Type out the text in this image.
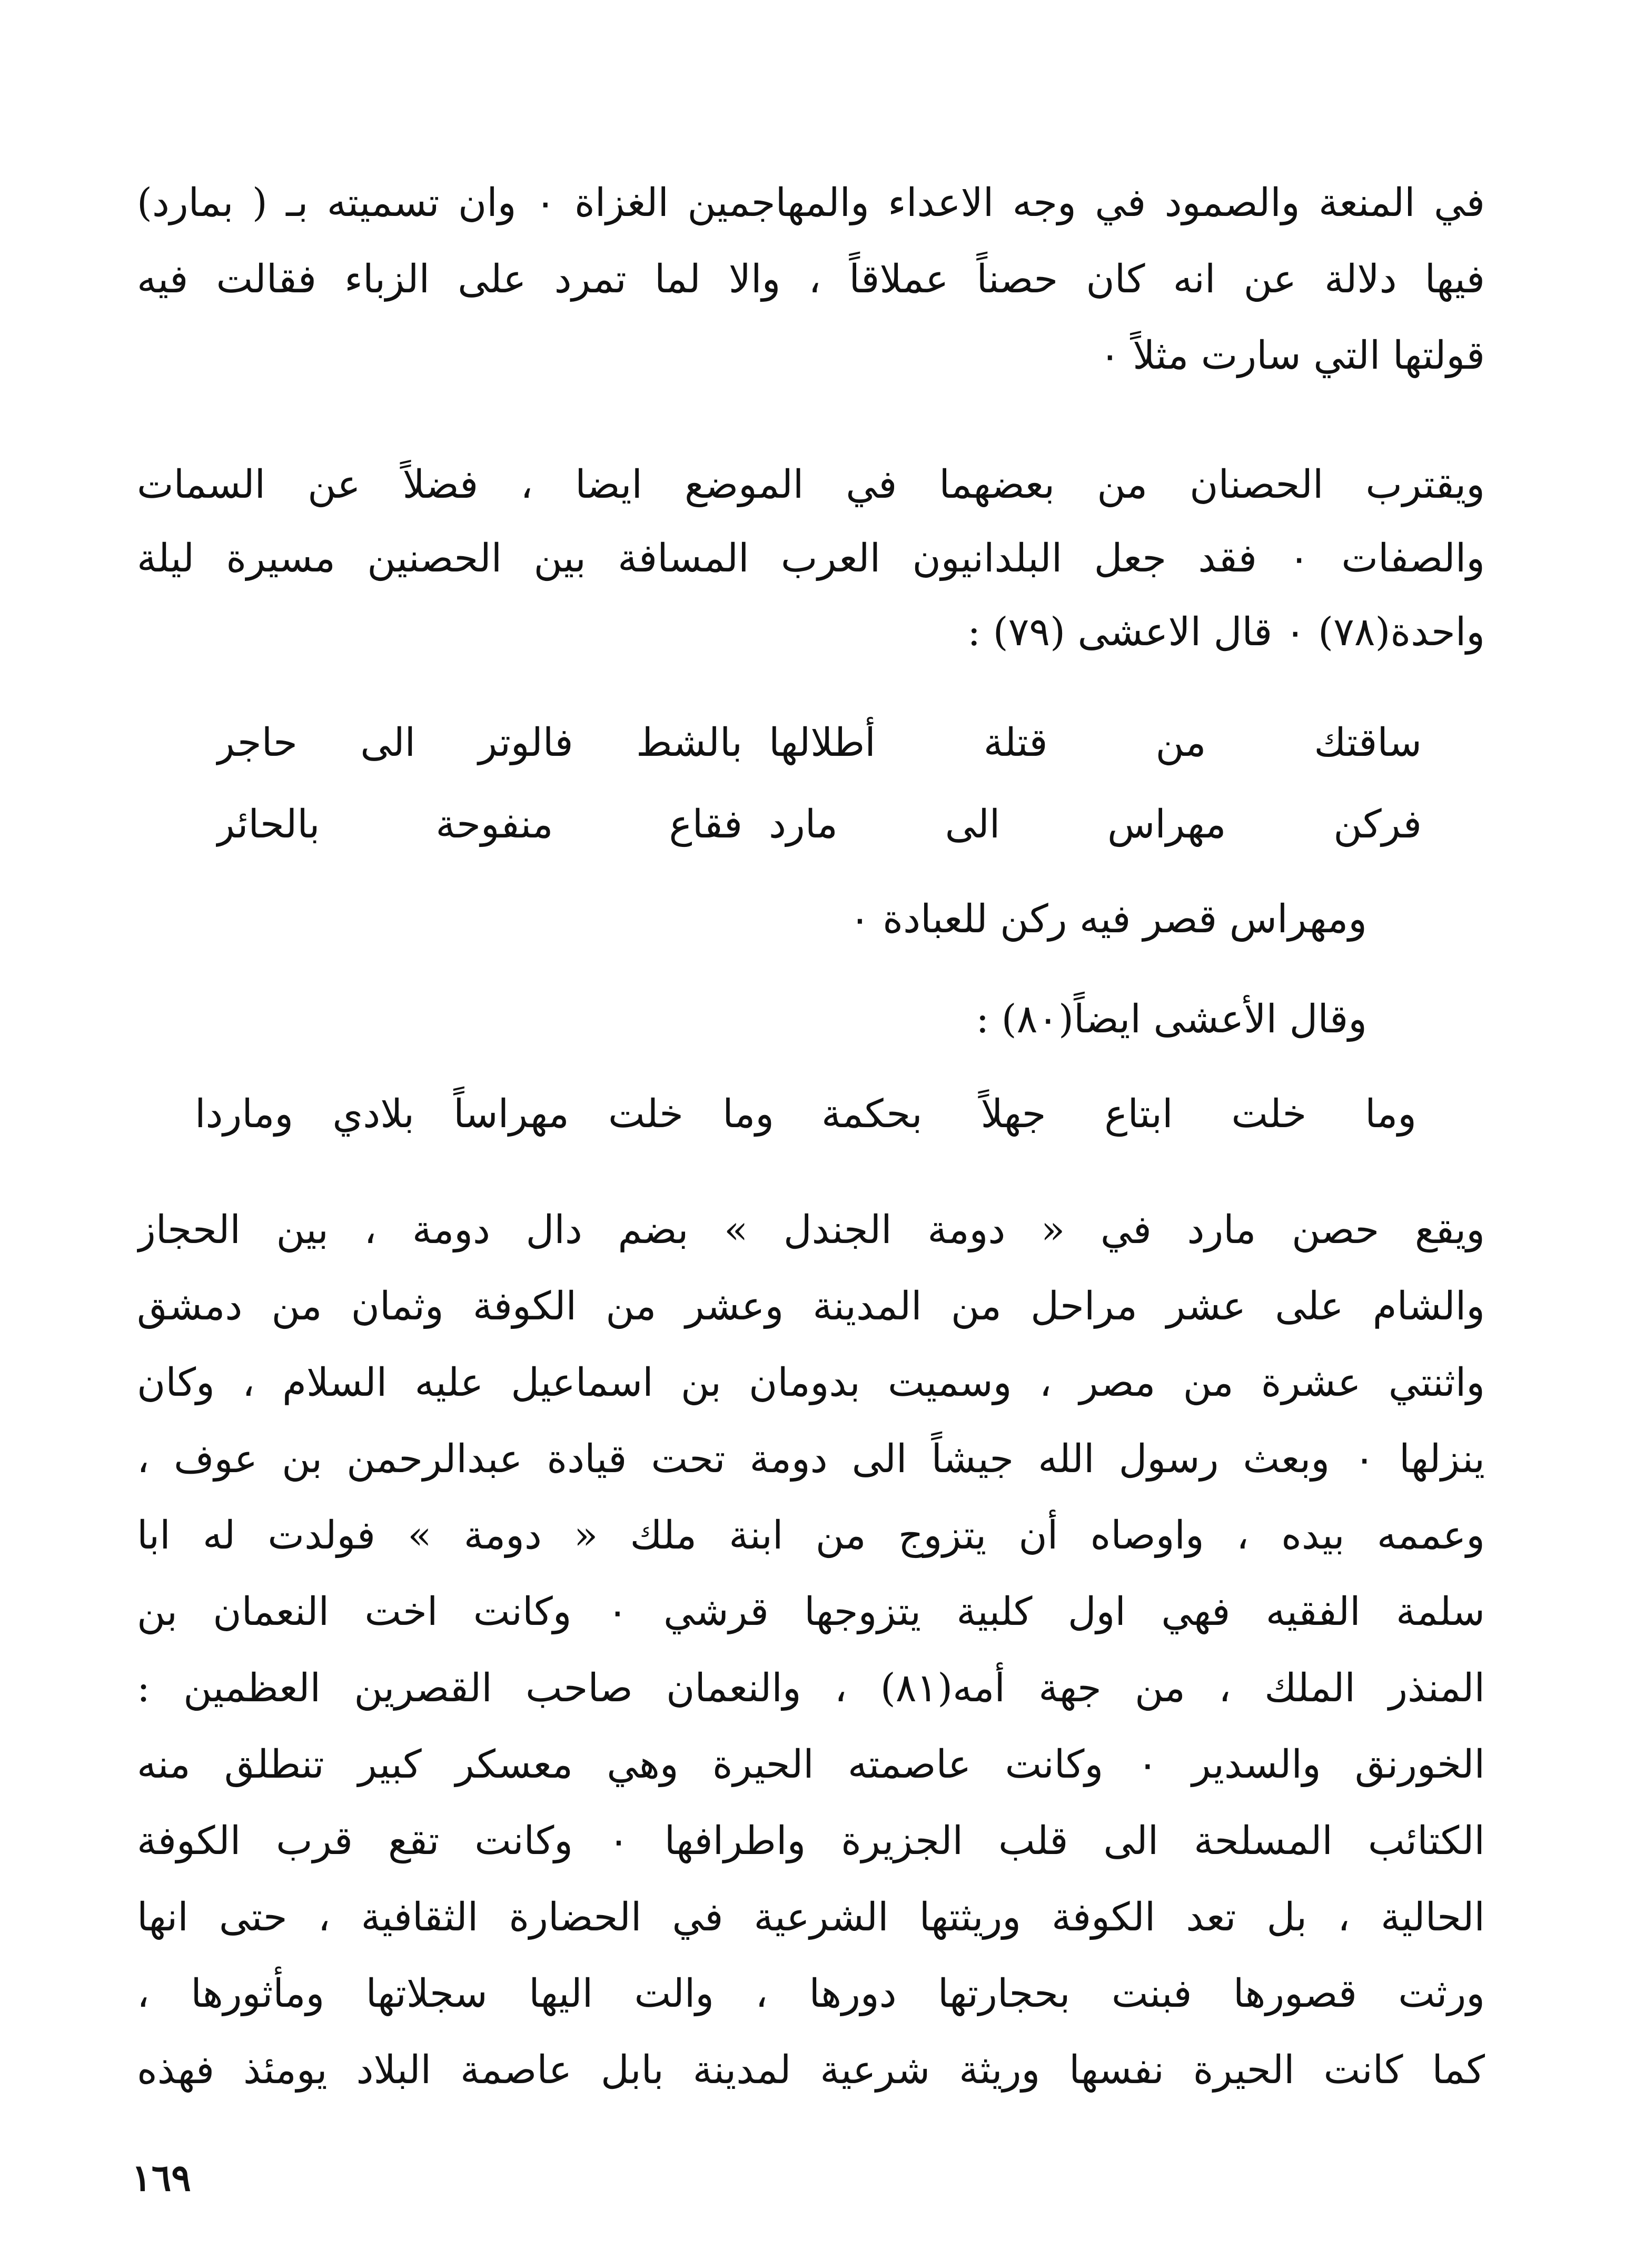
في المنعة والصمود في وجه الاعداء والمهاجمين الغزاة ٠ وان تسميته بـ ( بمارد)
فيها دلالة عن انه كان حصناً عملاقاً ، والا لما تمرد على الزباء فقالت فيه
قولتها التي سارت مثلاً ٠
ويقترب الحصنان من بعضهما في الموضع ايضا ، فضلاً عن السمات
والصفات ٠ فقد جعل البلدانيون العرب المسافة بين الحصنين مسيرة ليلة
واحدة(٧٨) ٠ قال الاعشى (٧٩) :
ساقتك من قتلة أطلالها
بالشط فالوتر الى حاجر
فركن مهراس الى مارد
فقاع منفوحة بالحائر
ومهراس قصر فيه ركن للعبادة ٠
وقال الأعشى ايضاً(٨٠) :
وما خلت ابتاع جهلاً بحكمة
وما خلت مهراساً بلادي وماردا
ويقع حصن مارد في « دومة الجندل » بضم دال دومة ، بين الحجاز
والشام على عشر مراحل من المدينة وعشر من الكوفة وثمان من دمشق
واثنتي عشرة من مصر ، وسميت بدومان بن اسماعيل عليه السلام ، وكان
ينزلها ٠ وبعث رسول الله جيشاً الى دومة تحت قيادة عبدالرحمن بن عوف ،
وعممه بيده ، واوصاه أن يتزوج من ابنة ملك « دومة » فولدت له ابا
سلمة الفقيه فهي اول كلبية يتزوجها قرشي ٠ وكانت اخت النعمان بن
المنذر الملك ، من جهة أمه(٨١) ، والنعمان صاحب القصرين العظمين :
الخورنق والسدير ٠ وكانت عاصمته الحيرة وهي معسكر كبير تنطلق منه
الكتائب المسلحة الى قلب الجزيرة واطرافها ٠ وكانت تقع قرب الكوفة
الحالية ، بل تعد الكوفة وريثتها الشرعية في الحضارة الثقافية ، حتى انها
ورثت قصورها فبنت بحجارتها دورها ، والت اليها سجلاتها ومأثورها ،
كما كانت الحيرة نفسها وريثة شرعية لمدينة بابل عاصمة البلاد يومئذ فهذه
١٦٩
